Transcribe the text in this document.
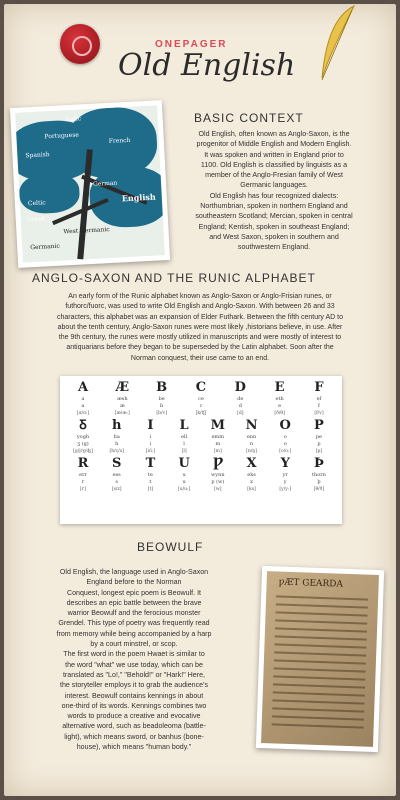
ONEPAGER
Old English
Portuguese
Spanish
French
German
English
Celtic
Italic
Greek
West Germanic
Germanic
BASIC CONTEXT
Old English, often known as Anglo-Saxon, is the
progenitor of Middle English and Modern English.
It was spoken and written in England prior to
1100. Old English is classified by linguists as a
member of the Anglo-Fresian family of West
Germanic languages.
Old English has four recognized dialects:
Northumbrian, spoken in northern England and
southeastern Scotland; Mercian, spoken in central
England; Kentish, spoken in southeast England;
and West Saxon, spoken in southern and
southwestern England.
ANGLO-SAXON AND THE RUNIC ALPHABET
An early form of the Runic alphabet known as Anglo-Saxon or Anglo-Frisian runes, or
futhorc/fuorc, was used to write Old English and Anglo-Saxon. With between 26 and 33
characters, this alphabet was an expansion of Elder Futhark. Between the fifth century AD to
about the tenth century, Anglo-Saxon runes were most likely ,historians believe, in use. After
the 9th century, the runes were mostly utilized in manuscripts and were mostly of interest to
antiquarians before they began to be superseded by the Latin alphabet. Soon after the
Norman conquest, their use came to an end.
A	Æ	B	C	D	E	F
a	æsh	be	ce	de	eth	ef
a	æ	b	c	d	e	f
[ɑ/ɑː]	[æ/æː]	[b/v]	[k/tʃ]	[d]	[ð/θ]	[f/v]
Ᵹ	h	I	L	M	N	O	P
yogh	ha	i	ell	emm	enn	o	pe
ʒ (g)	h	i	l	m	n	o	p
[g/j/ɣ/ʤ]	[h/ç/x]	[i/iː]	[l]	[m]	[n/ŋ]	[o/oː]	[p]
R	S	T	U	Ƿ	X	Y	Þ
err	ess	te	u	wynn	eks	yr	thorn
r	s	t	u	ƿ (w)	x	y	þ
[r]	[s/z]	[t]	[u/uː]	[w]	[ks]	[y/yː]	[θ/ð]
BEOWULF
Old English, the language used in Anglo-Saxon
England before to the Norman
Conquest, longest epic poem is Beowulf. It
describes an epic battle between the brave
warrior Beowulf and the ferocious monster
Grendel. This type of poetry was frequently read
from memory while being accompanied by a harp
by a court minstrel, or scop.
The first word in the poem Hwaet is similar to
the word "what" we use today, which can be
translated as "Lo!," "Behold!" or "Hark!" Here,
the storyteller employs it to grab the audience's
interest. Beowulf contains kennings in about
one-third of its words. Kennings combines two
words to produce a creative and evocative
alternative word, such as beadoleoma (battle-
light), which means sword, or banhus (bone-
house), which means "human body."
ƿÆT GEARDA
